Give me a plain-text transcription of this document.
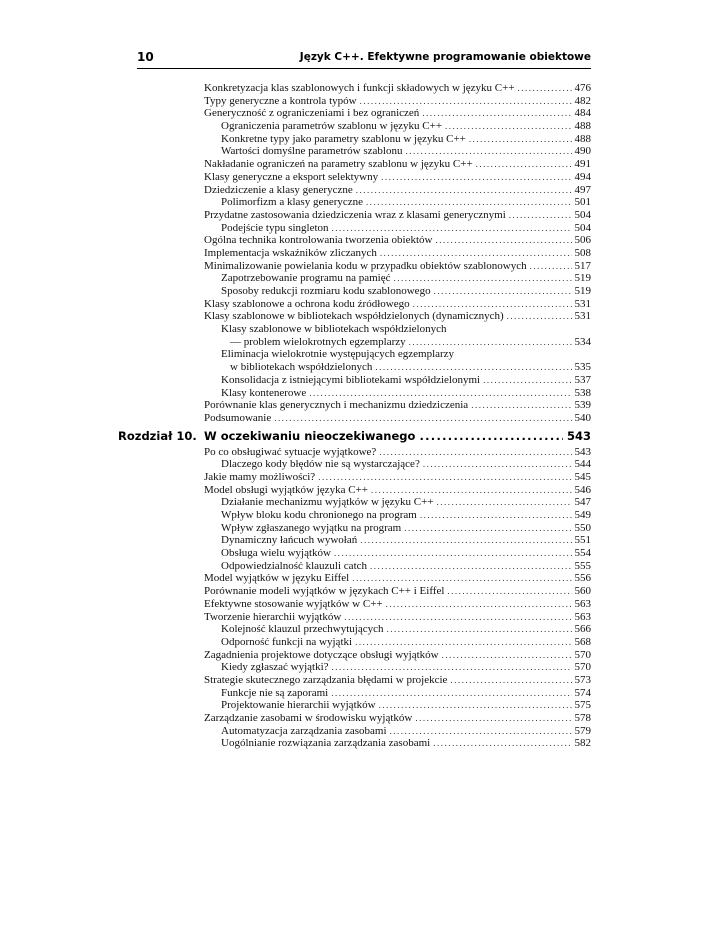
10	Język C++. Efektywne programowanie obiektowe
Konkretyzacja klas szablonowych i funkcji składowych w języku C++ .....	476
Typy generyczne a kontrola typów .....	482
Generyczność z ograniczeniami i bez ograniczeń .....	484
Ograniczenia parametrów szablonu w języku C++ .....	488
Konkretne typy jako parametry szablonu w języku C++ .....	488
Wartości domyślne parametrów szablonu .....	490
Nakładanie ograniczeń na parametry szablonu w języku C++ .....	491
Klasy generyczne a eksport selektywny .....	494
Dziedziczenie a klasy generyczne .....	497
Polimorfizm a klasy generyczne .....	501
Przydatne zastosowania dziedziczenia wraz z klasami generycznymi .....	504
Podejście typu singleton .....	504
Ogólna technika kontrolowania tworzenia obiektów .....	506
Implementacja wskaźników zliczanych .....	508
Minimalizowanie powielania kodu w przypadku obiektów szablonowych .....	517
Zapotrzebowanie programu na pamięć .....	519
Sposoby redukcji rozmiaru kodu szablonowego .....	519
Klasy szablonowe a ochrona kodu źródłowego .....	531
Klasy szablonowe w bibliotekach współdzielonych (dynamicznych) .....	531
Klasy szablonowe w bibliotekach współdzielonych
— problem wielokrotnych egzemplarzy .....	534
Eliminacja wielokrotnie występujących egzemplarzy
w bibliotekach współdzielonych .....	535
Konsolidacja z istniejącymi bibliotekami współdzielonymi .....	537
Klasy kontenerowe .....	538
Porównanie klas generycznych i mechanizmu dziedziczenia .....	539
Podsumowanie .....	540
Rozdział 10. W oczekiwaniu nieoczekiwanego .....	543
Po co obsługiwać sytuacje wyjątkowe? .....	543
Dlaczego kody błędów nie są wystarczające? .....	544
Jakie mamy możliwości? .....	545
Model obsługi wyjątków języka C++ .....	546
Działanie mechanizmu wyjątków w języku C++ .....	547
Wpływ bloku kodu chronionego na program .....	549
Wpływ zgłaszanego wyjątku na program .....	550
Dynamiczny łańcuch wywołań .....	551
Obsługa wielu wyjątków .....	554
Odpowiedzialność klauzuli catch .....	555
Model wyjątków w języku Eiffel .....	556
Porównanie modeli wyjątków w językach C++ i Eiffel .....	560
Efektywne stosowanie wyjątków w C++ .....	563
Tworzenie hierarchii wyjątków .....	563
Kolejność klauzul przechwytujących .....	566
Odporność funkcji na wyjątki .....	568
Zagadnienia projektowe dotyczące obsługi wyjątków .....	570
Kiedy zgłaszać wyjątki? .....	570
Strategie skutecznego zarządzania błędami w projekcie .....	573
Funkcje nie są zaporami .....	574
Projektowanie hierarchii wyjątków .....	575
Zarządzanie zasobami w środowisku wyjątków .....	578
Automatyzacja zarządzania zasobami .....	579
Uogólnianie rozwiązania zarządzania zasobami .....	582
